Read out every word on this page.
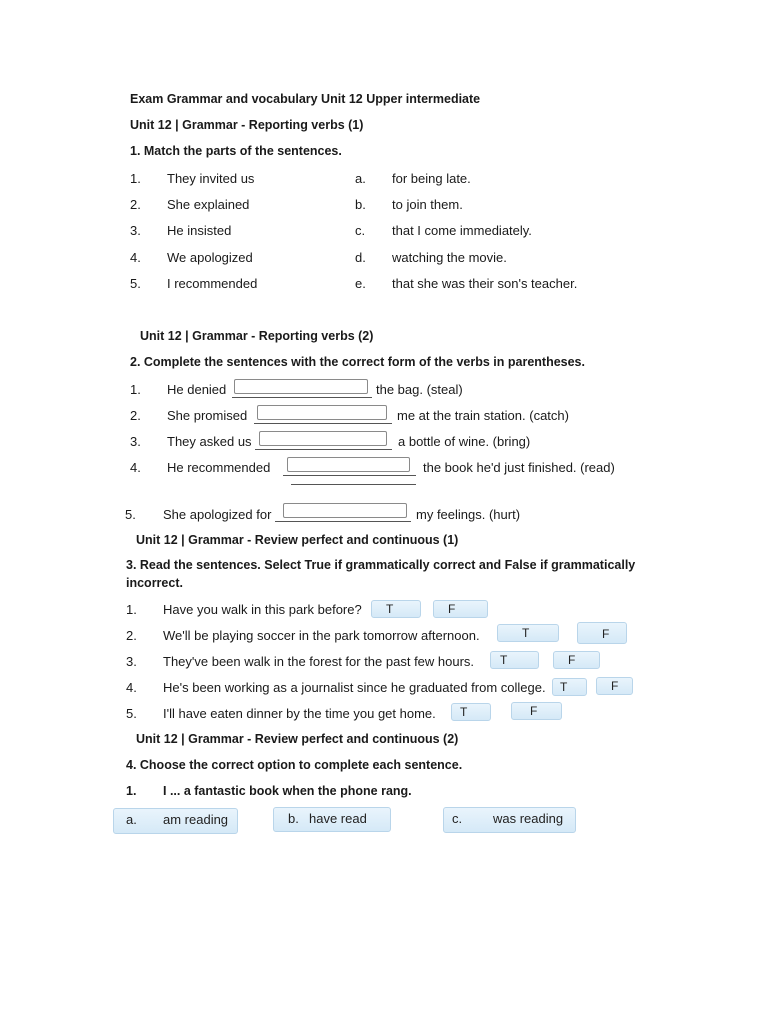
Exam Grammar and vocabulary Unit 12 Upper intermediate
Unit 12 | Grammar - Reporting verbs (1)
1. Match the parts of the sentences.
1. They invited us	a. for being late.
2. She explained	b. to join them.
3. He insisted	c. that I come immediately.
4. We apologized	d. watching the movie.
5. I recommended	e. that she was their son's teacher.
Unit 12 | Grammar - Reporting verbs (2)
2. Complete the sentences with the correct form of the verbs in parentheses.
1. He denied	the bag. (steal)
2. She promised	me at the train station. (catch)
3. They asked us	a bottle of wine. (bring)
4. He recommended	the book he'd just finished. (read)
5. She apologized for	my feelings. (hurt)
Unit 12 | Grammar - Review perfect and continuous (1)
3. Read the sentences. Select True if grammatically correct and False if grammatically
incorrect.
1. Have you walk in this park before?	T	F
2. We'll be playing soccer in the park tomorrow afternoon.	T	F
3. They've been walk in the forest for the past few hours.	T	F
4. He's been working as a journalist since he graduated from college.	T	F
5. I'll have eaten dinner by the time you get home.	T	F
Unit 12 | Grammar - Review perfect and continuous (2)
4. Choose the correct option to complete each sentence.
1. I ... a fantastic book when the phone rang.
a. am reading	b. have read	c. was reading
